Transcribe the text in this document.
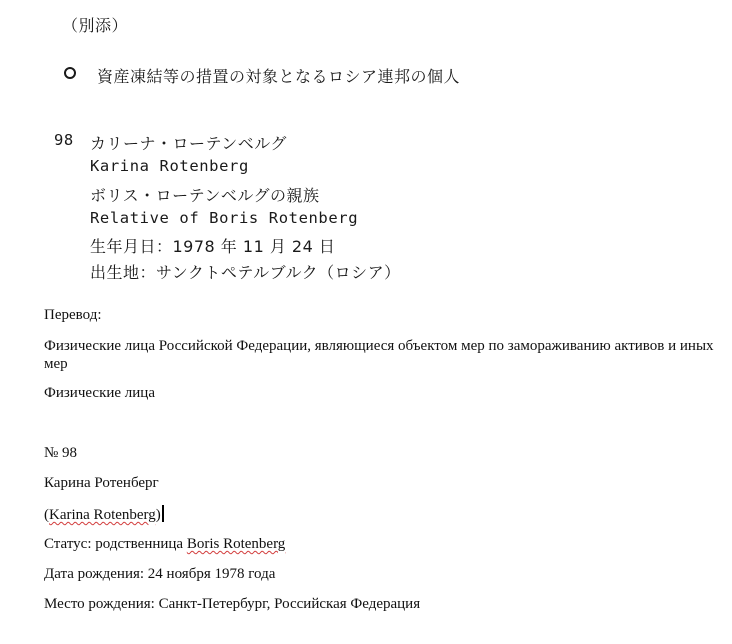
（別添）
資産凍結等の措置の対象となるロシア連邦の個人
98 カリーナ・ローテンベルグ
Karina Rotenberg
ボリス・ローテンベルグの親族
Relative of Boris Rotenberg
生年月日：1978 年 11 月 24 日
出生地：サンクトペテルブルク（ロシア）
Перевод:
Физические лица Российской Федерации, являющиеся объектом мер по замораживанию активов и иных мер
Физические лица
№ 98
Карина Ротенберг
(Karina Rotenberg)
Статус: родственница Boris Rotenberg
Дата рождения: 24 ноября 1978 года
Место рождения: Санкт-Петербург, Российская Федерация
